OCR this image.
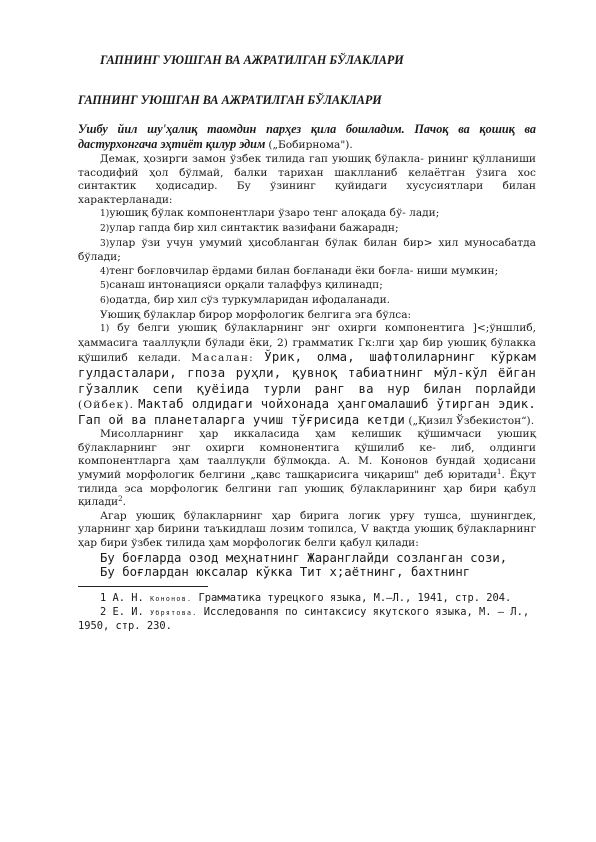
ГАПНИНГ УЮШГАН ВА АЖРАТИЛГАН БЎЛАКЛАРИ
ГАПНИНГ УЮШГАН ВА АЖРАТИЛГАН БЎЛАКЛАРИ

Ушбу йил шу'ҳалиқ таомдин парҳез қила бошладим. Пачоқ ва қошиқ ва дастурхонгача эҳтиёт қилур эдим („Бобирнома").

Демак, ҳозирги замон ўзбек тилида гап уюшиқ бўлакла- рининг қўлланиши тасодифий ҳол бўлмай, балки тарихан шаклланиб келаётган ўзига хос синтактик ҳодисадир. Бу ўзининг қуйидаги хусусиятлари билан характерланади:

1)уюшиқ бўлак компонентлари ўзаро тенг алоқада бў- лади;

2)улар гапда бир хил синтактик вазифани бажарадн;

3)улар ўзи учун умумий ҳисобланган бўлак билан бир> хил муносабатда бўлади;

4)тенг боғловчилар ёрдами билан боғланади ёки боғла- ниши мумкин;

5)санаш интонацияси орқали талаффуз қилинадп;

6)одатда, бир хил сўз туркумларидан ифодаланади.

Уюшиқ бўлаклар бирор морфологик белгига эга бўлса:

1) бу белги уюшиқ бўлакларнинг энг охирги компонентига ]<;ўншлиб, ҳаммасига тааллуқли бўлади ёки, 2) грамматик Гк:лги ҳар бир уюшиқ бўлакка қўшилиб келади. Масалан: Ўрик, олма, шафтолиларнинг кўркам гулдасталари, гпоза руҳли, қувноқ табиатнинг мўл-кўл ёйган гўзаллик сепи қуёiида турли ранг ва нур билан порлайди (Ойбек). Мактаб олдидаги чойхонада ҳангомалашиб ўтирган эдик. Гап ой ва планеталарга учиш тўғрисида кетди („Қизил Ўзбекистон“).

Мисолларнинг ҳар иккаласида ҳам келишик қўшимчаси уюшиқ бўлакларнинг энг охирги комнонентига қўшилиб ке- либ, олдинги компонентларга ҳам тааллуқли бўлмоқда. А. М. Кононов бундай ҳодисани умумий морфологик белгини „қавс ташқарисига чиқариш" деб юритади$^1$. Ёқут тилида эса морфологик белгини гап уюшиқ бўлакларининг ҳар бири қабул қилади$^2$.

Агар уюшиқ бўлакларнинг ҳар бирига логик урғу тушса, шунингдек, уларнинг ҳар бирини таъкидлаш лозим топилса, V вақтда уюшиқ бўлакларнинг ҳар бири ўзбек тилида ҳам морфологик белги қабул қилади:

Бу боғларда озод меҳнатнинг Жаранглайди созланган сози,

Бу боғлардан юксалар кўкка Тит х;аётнинг, бахтнинг

1 А. Н. Кононов. Грамматика турецкого языка, М.—Л., 1941, стр. 204.

2 Е. И. Убрятова. Исследованпя по синтаксису якутского языка, М. — Л., 1950, стр. 230.
